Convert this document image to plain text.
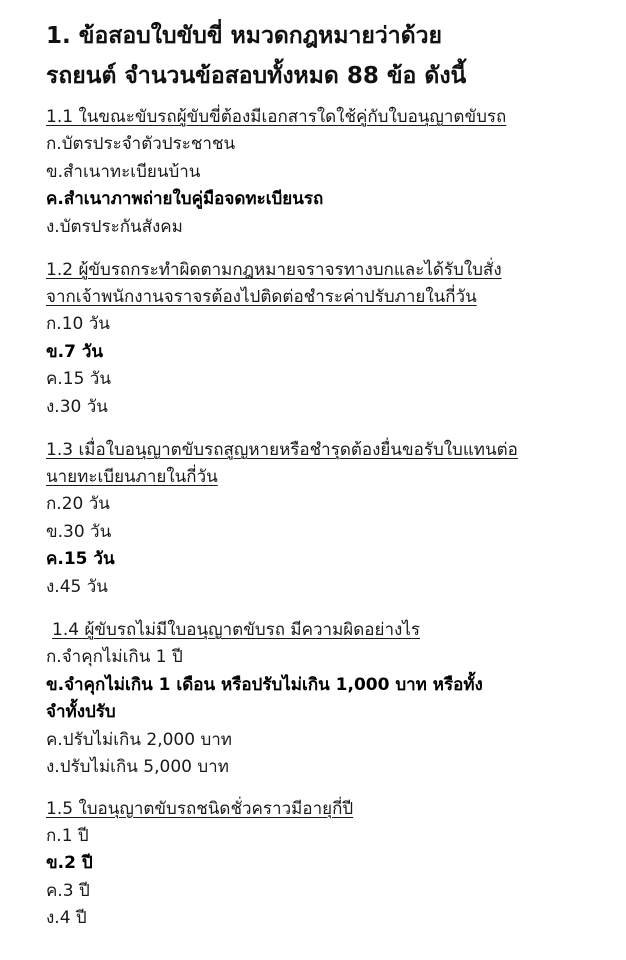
1. ข้อสอบใบขับขี่ หมวดกฎหมายว่าด้วย
รถยนต์ จำนวนข้อสอบทั้งหมด 88 ข้อ ดังนี้
1.1 ในขณะขับรถผู้ขับขี่ต้องมีเอกสารใดใช้คู่กับใบอนุญาตขับรถ
ก.บัตรประจำตัวประชาชน
ข.สำเนาทะเบียนบ้าน
ค.สำเนาภาพถ่ายใบคู่มือจดทะเบียนรถ
ง.บัตรประกันสังคม
1.2 ผู้ขับรถกระทำผิดตามกฎหมายจราจรทางบกและได้รับใบสั่ง
จากเจ้าพนักงานจราจรต้องไปติดต่อชำระค่าปรับภายในกี่วัน
ก.10 วัน
ข.7 วัน
ค.15 วัน
ง.30 วัน
1.3 เมื่อใบอนุญาตขับรถสูญหายหรือชำรุดต้องยื่นขอรับใบแทนต่อ
นายทะเบียนภายในกี่วัน
ก.20 วัน
ข.30 วัน
ค.15 วัน
ง.45 วัน
1.4 ผู้ขับรถไม่มีใบอนุญาตขับรถ มีความผิดอย่างไร
ก.จำคุกไม่เกิน 1 ปี
ข.จำคุกไม่เกิน 1 เดือน หรือปรับไม่เกิน 1,000 บาท หรือทั้ง
จำทั้งปรับ
ค.ปรับไม่เกิน 2,000 บาท
ง.ปรับไม่เกิน 5,000 บาท
1.5 ใบอนุญาตขับรถชนิดชั่วคราวมีอายุกี่ปี
ก.1 ปี
ข.2 ปี
ค.3 ปี
ง.4 ปี
